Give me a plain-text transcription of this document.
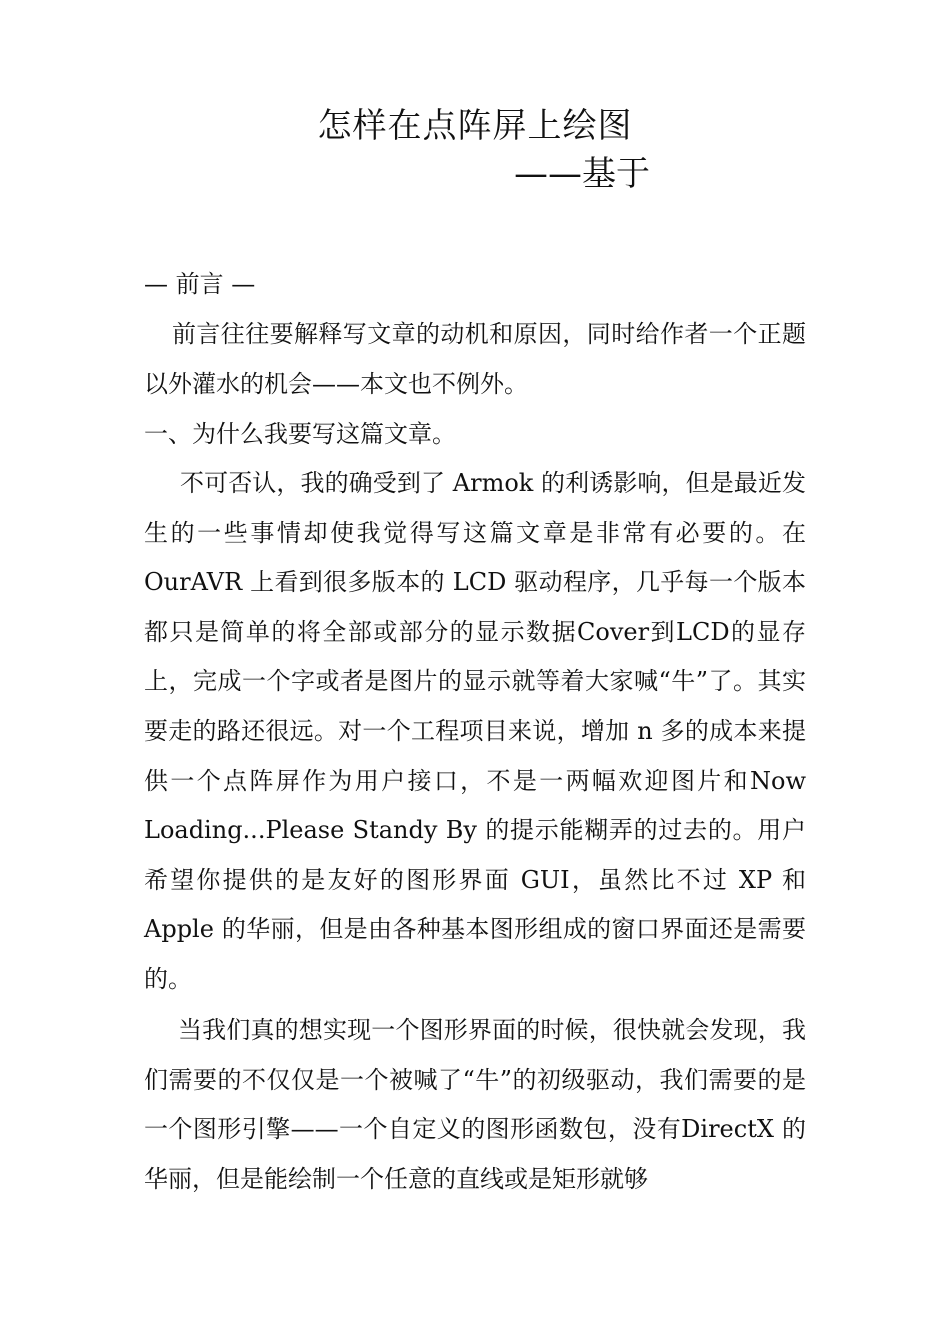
怎样在点阵屏上绘图
——基于
— 前言 —

前言往往要解释写文章的动机和原因，同时给作者一个正题以外灌水的机会——本文也不例外。

一、为什么我要写这篇文章。

不可否认，我的确受到了 Armok 的利诱影响，但是最近发生的一些事情却使我觉得写这篇文章是非常有必要的。在OurAVR 上看到很多版本的 LCD 驱动程序，几乎每一个版本都只是简单的将全部或部分的显示数据Cover到LCD的显存上，完成一个字或者是图片的显示就等着大家喊“牛”了。其实要走的路还很远。对一个工程项目来说，增加 n 多的成本来提供一个点阵屏作为用户接口，不是一两幅欢迎图片和Now Loading...Please Standy By 的提示能糊弄的过去的。用户希望你提供的是友好的图形界面 GUI，虽然比不过 XP 和Apple 的华丽，但是由各种基本图形组成的窗口界面还是需要的。

当我们真的想实现一个图形界面的时候，很快就会发现，我们需要的不仅仅是一个被喊了“牛”的初级驱动，我们需要的是一个图形引擎——一个自定义的图形函数包，没有DirectX 的华丽，但是能绘制一个任意的直线或是矩形就够
